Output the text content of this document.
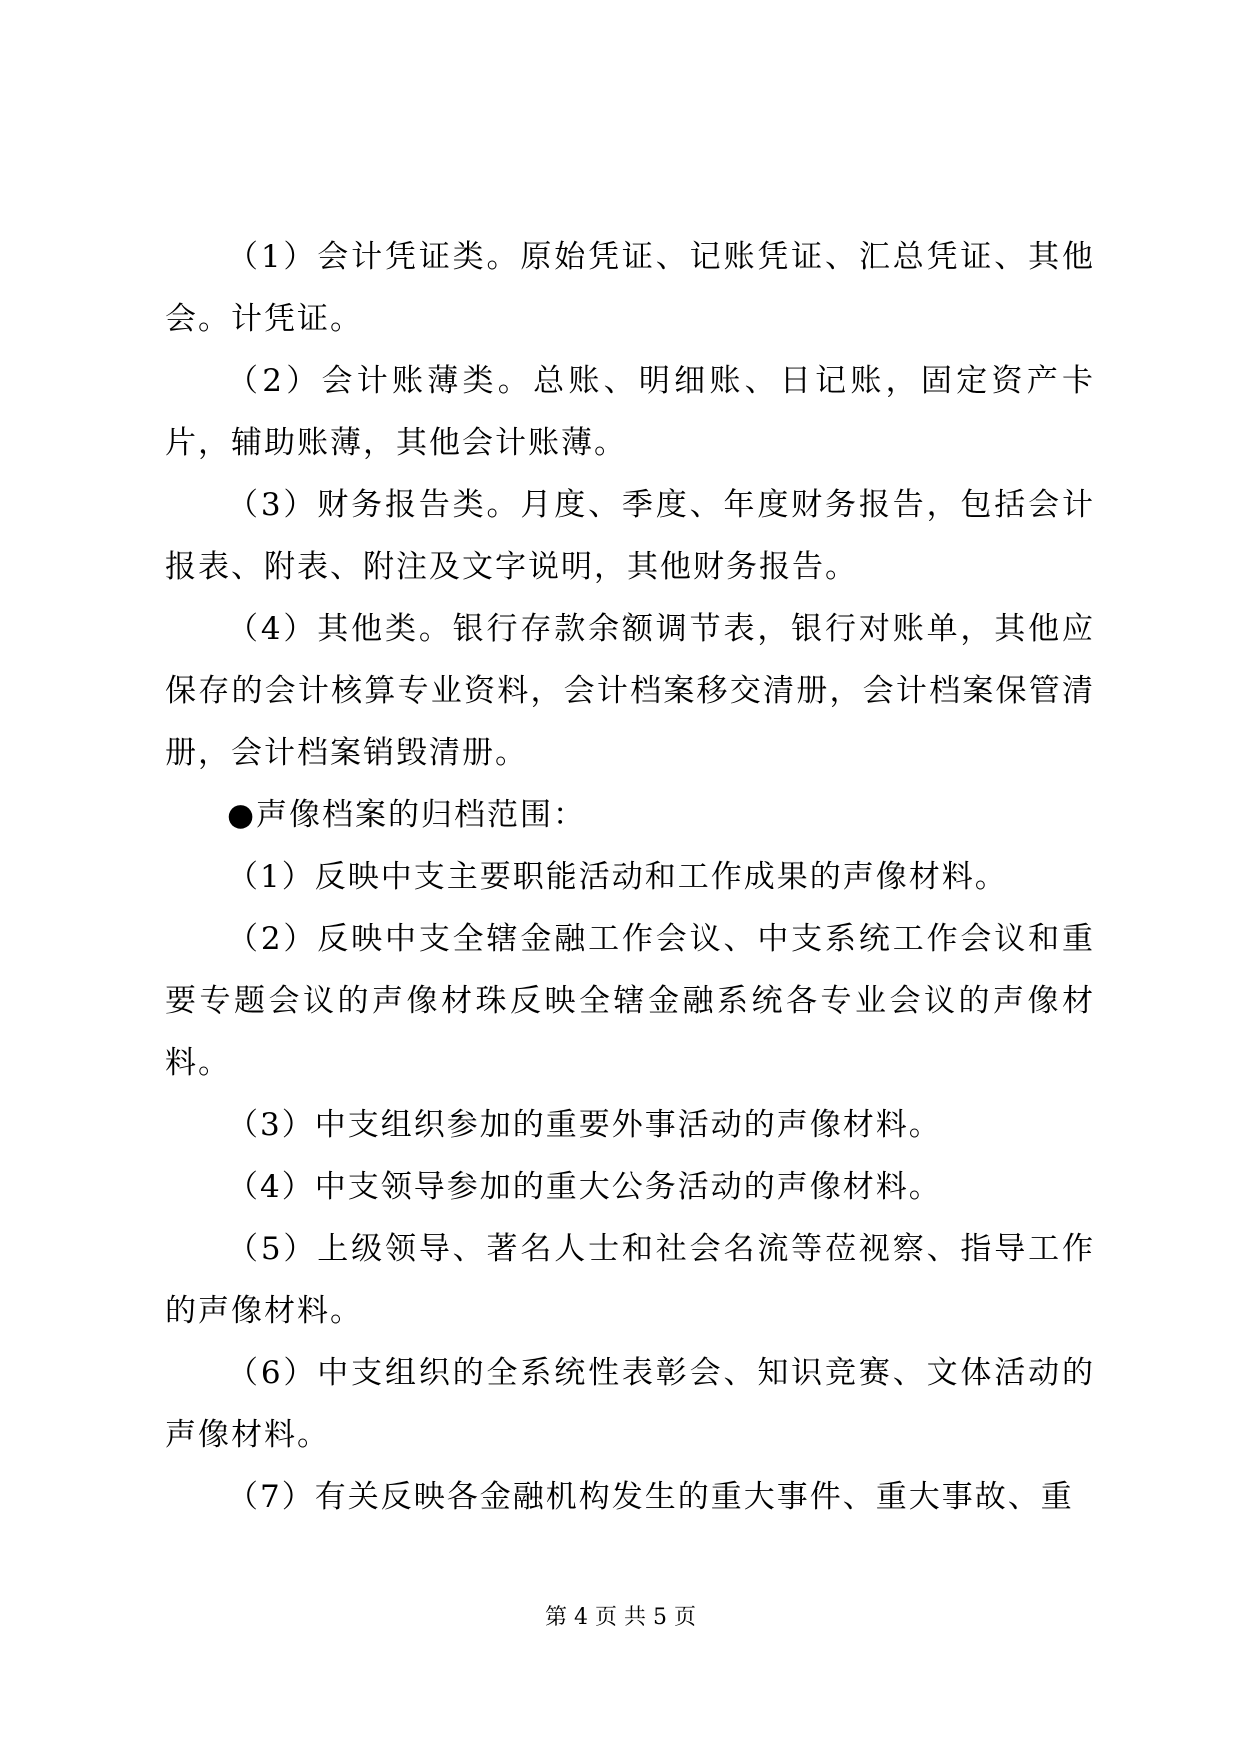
（1）会计凭证类。原始凭证、记账凭证、汇总凭证、其他会。计凭证。

（2）会计账薄类。总账、明细账、日记账，固定资产卡片，辅助账薄，其他会计账薄。

（3）财务报告类。月度、季度、年度财务报告，包括会计报表、附表、附注及文字说明，其他财务报告。

（4）其他类。银行存款余额调节表，银行对账单，其他应保存的会计核算专业资料，会计档案移交清册，会计档案保管清册，会计档案销毁清册。

●声像档案的归档范围：

（1）反映中支主要职能活动和工作成果的声像材料。

（2）反映中支全辖金融工作会议、中支系统工作会议和重要专题会议的声像材珠反映全辖金融系统各专业会议的声像材料。

（3）中支组织参加的重要外事活动的声像材料。

（4）中支领导参加的重大公务活动的声像材料。

（5）上级领导、著名人士和社会名流等莅视察、指导工作的声像材料。

（6）中支组织的全系统性表彰会、知识竞赛、文体活动的声像材料。

（7）有关反映各金融机构发生的重大事件、重大事故、重

第 4 页 共 5 页
